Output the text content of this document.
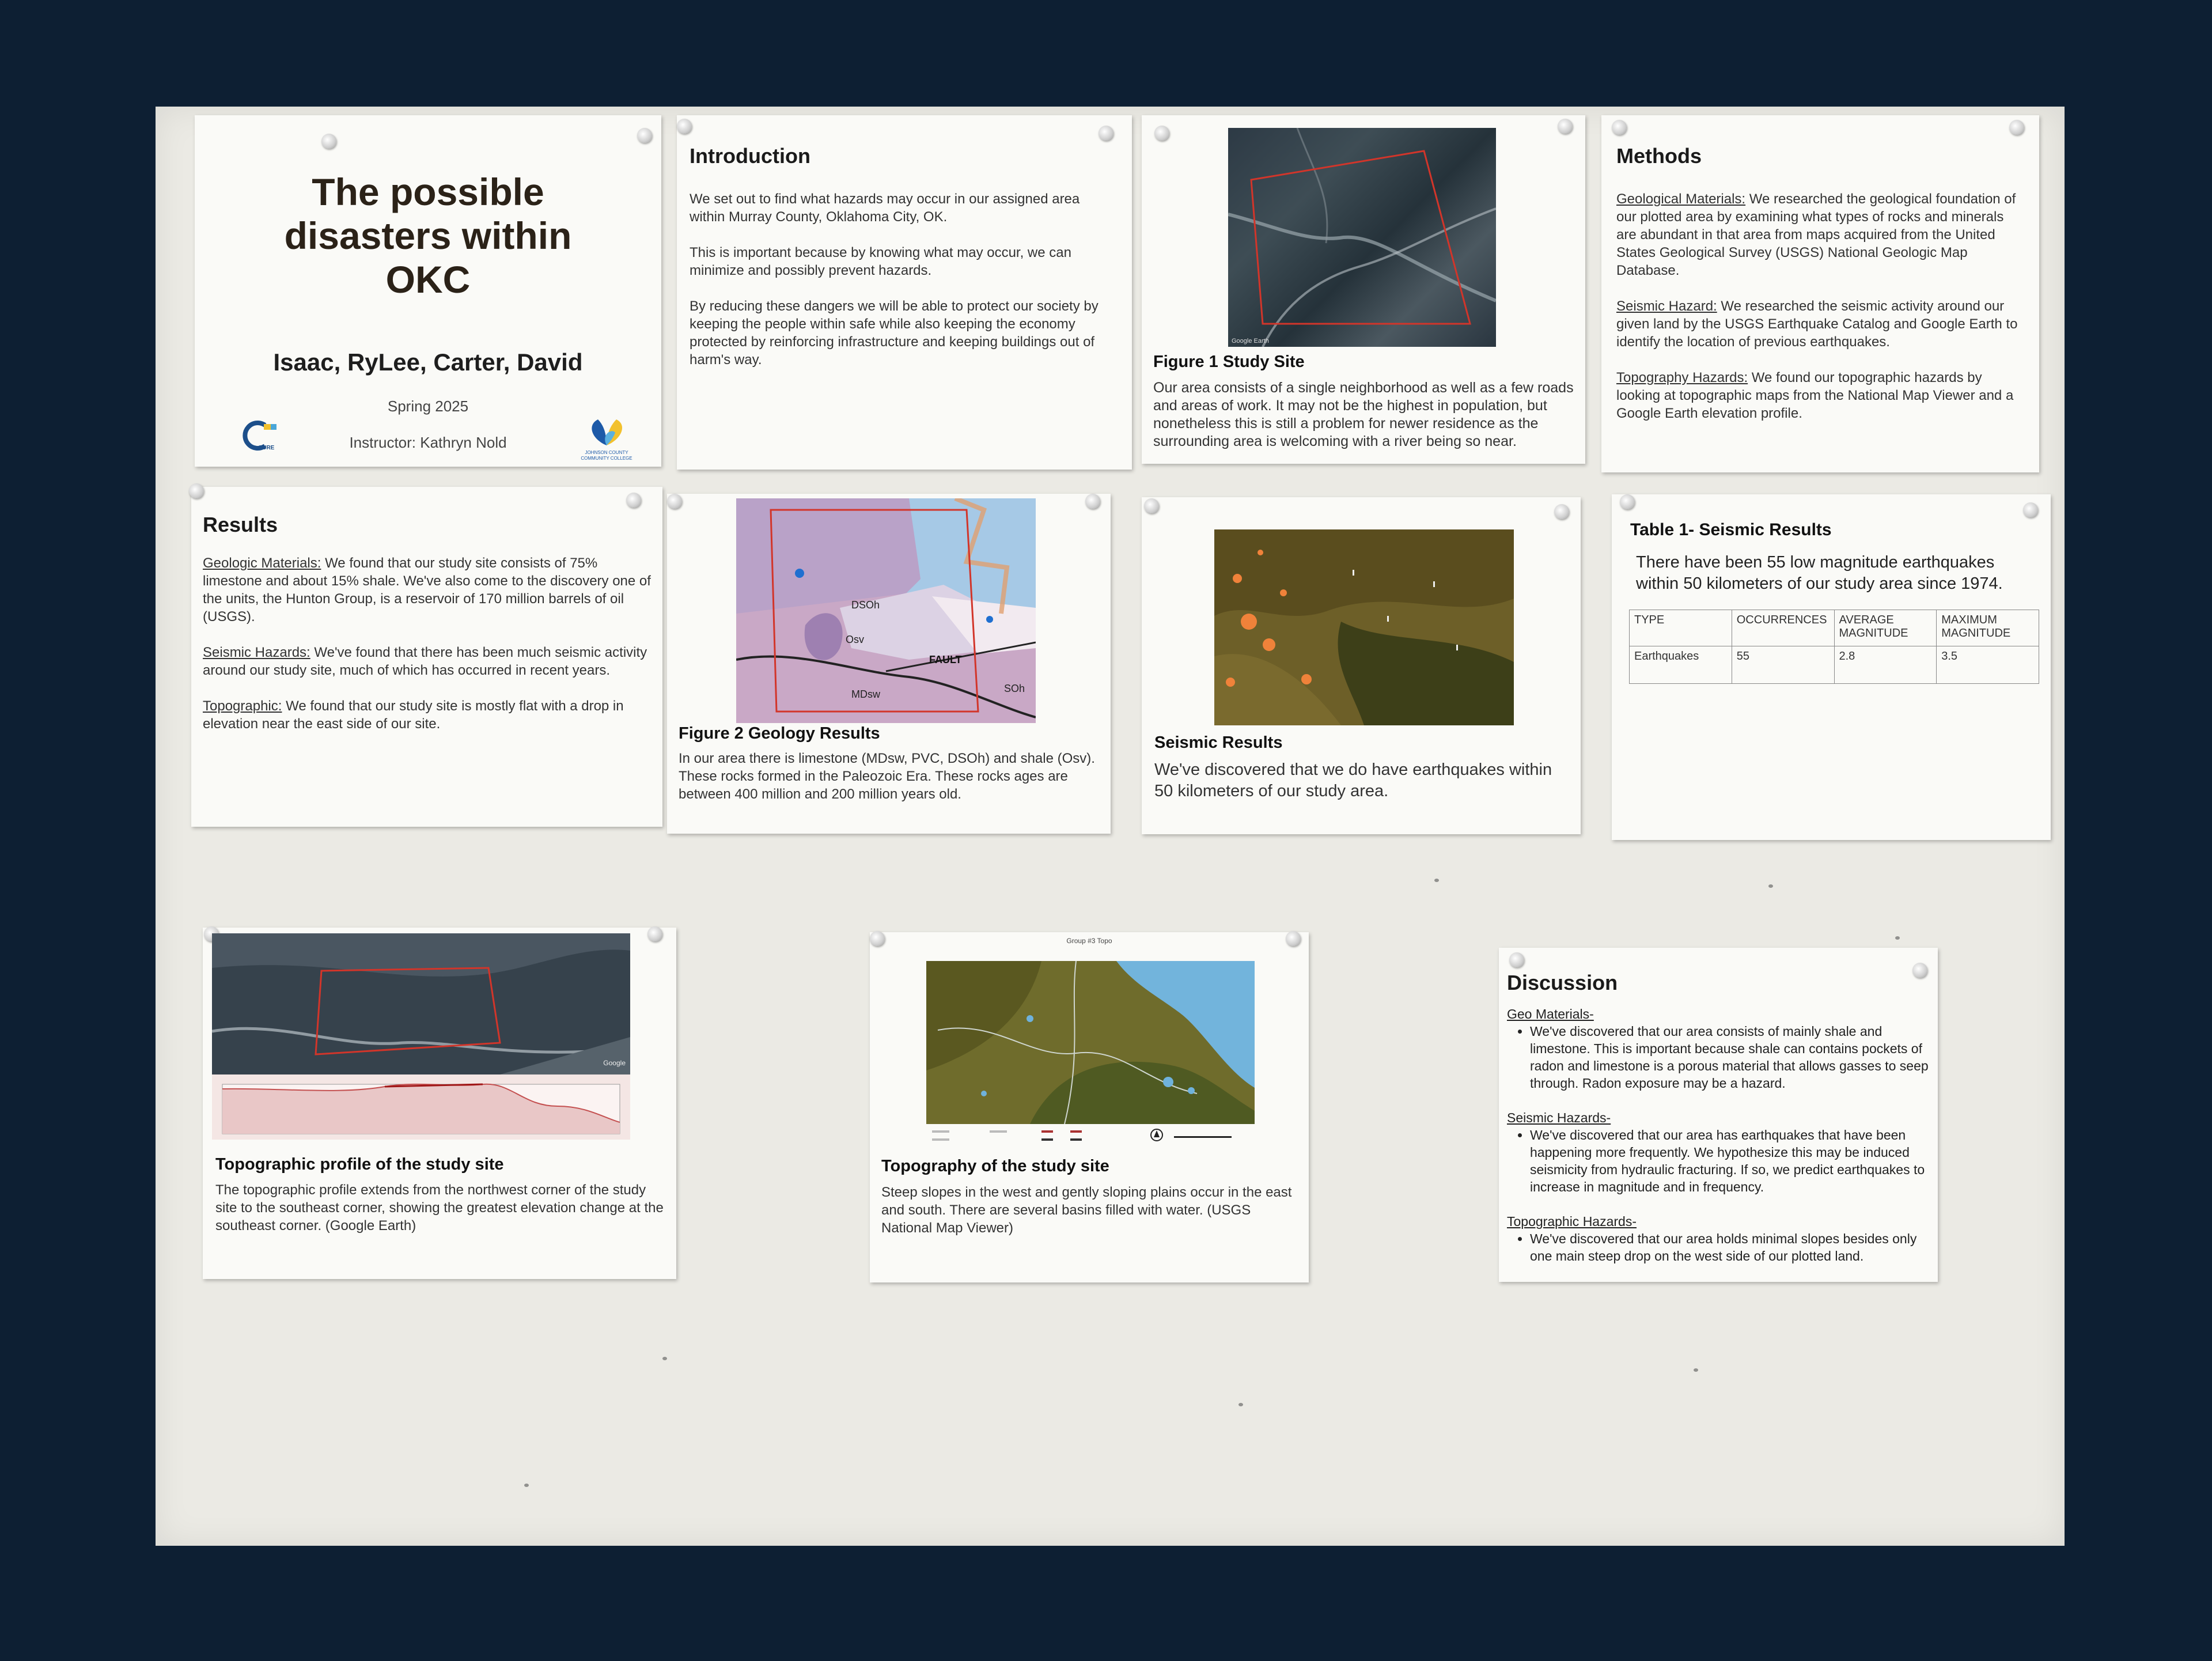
The possible
disasters within
OKC
Isaac, RyLee, Carter, David
Spring 2025
Instructor: Kathryn Nold
CURE
JOHNSON COUNTY COMMUNITY COLLEGE
Introduction

We set out to find what hazards may occur in our assigned area within Murray County, Oklahoma City, OK.

This is important because by knowing what may occur, we can minimize and possibly prevent hazards.

By reducing these dangers we will be able to protect our society by keeping the people within safe while also keeping the economy protected by reinforcing infrastructure and keeping buildings out of harm's way.

Google Earth
Figure 1 Study Site
Our area consists of a single neighborhood as well as a few roads and areas of work. It may not be the highest in population, but nonetheless this is still a problem for newer residence as the surrounding area is welcoming with a river being so near.
Methods

Geological Materials: We researched the geological foundation of our plotted area by examining what types of rocks and minerals are abundant in that area from maps acquired from the United States Geological Survey (USGS) National Geologic Map Database.

Seismic Hazard: We researched the seismic activity around our given land by the USGS Earthquake Catalog and Google Earth to identify the location of previous earthquakes.

Topography Hazards: We found our topographic hazards by looking at topographic maps from the National Map Viewer and a Google Earth elevation profile.

Results

Geologic Materials: We found that our study site consists of 75% limestone and about 15% shale. We've also come to the discovery one of the units, the Hunton Group, is a reservoir of 170 million barrels of oil (USGS).

Seismic Hazards: We've found that there has been much seismic activity around our study site, much of which has occurred in recent years.

Topographic: We found that our study site is mostly flat with a drop in elevation near the east side of our site.

DSOh
Osv
FAULT
MDsw	SOh
Figure 2 Geology Results
In our area there is limestone (MDsw, PVC, DSOh) and shale (Osv). These rocks formed in the Paleozoic Era. These rocks ages are between 400 million and 200 million years old.
Seismic Results
We've discovered that we do have earthquakes within 50 kilometers of our study area.
Table 1- Seismic Results
There have been 55 low magnitude earthquakes within 50 kilometers of our study area since 1974.
TYPE	OCCURRENCES	AVERAGE MAGNITUDE	MAXIMUM MAGNITUDE
Earthquakes	55	2.8	3.5
Google
Topographic profile of the study site
The topographic profile extends from the northwest corner of the study site to the southeast corner, showing the greatest elevation change at the southeast corner. (Google Earth)
Group #3 Topo
Topography of the study site
Steep slopes in the west and gently sloping plains occur in the east and south. There are several basins filled with water. (USGS National Map Viewer)
Discussion
Geo Materials-
• We've discovered that our area consists of mainly shale and limestone. This is important because shale can contains pockets of radon and limestone is a porous material that allows gasses to seep through. Radon exposure may be a hazard.
Seismic Hazards-
• We've discovered that our area has earthquakes that have been happening more frequently. We hypothesize this may be induced seismicity from hydraulic fracturing. If so, we predict earthquakes to increase in magnitude and in frequency.
Topographic Hazards-
• We've discovered that our area holds minimal slopes besides only one main steep drop on the west side of our plotted land.
